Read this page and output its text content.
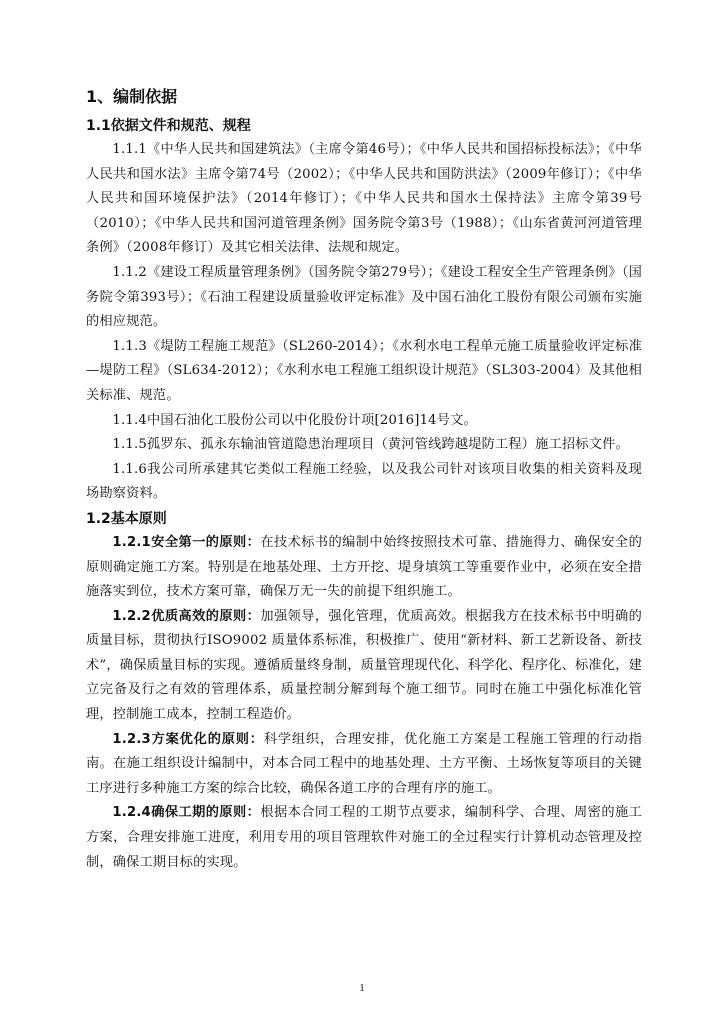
1、编制依据
1.1依据文件和规范、规程

1.1.1《中华人民共和国建筑法》（主席令第46号）；《中华人民共和国招标投标法》；《中华人民共和国水法》主席令第74号（2002）；《中华人民共和国防洪法》（2009年修订）；《中华人民共和国环境保护法》（2014年修订）；《中华人民共和国水土保持法》主席令第39号（2010）；《中华人民共和国河道管理条例》国务院令第3号（1988）；《山东省黄河河道管理条例》（2008年修订）及其它相关法律、法规和规定。

1.1.2《建设工程质量管理条例》（国务院令第279号）；《建设工程安全生产管理条例》（国务院令第393号）；《石油工程建设质量验收评定标准》及中国石油化工股份有限公司颁布实施的相应规范。

1.1.3《堤防工程施工规范》（SL260-2014）；《水利水电工程单元施工质量验收评定标准—堤防工程》（SL634-2012）；《水利水电工程施工组织设计规范》（SL303-2004）及其他相关标准、规范。

1.1.4中国石油化工股份公司以中化股份计项[2016]14号文。

1.1.5孤罗东、孤永东输油管道隐患治理项目（黄河管线跨越堤防工程）施工招标文件。

1.1.6我公司所承建其它类似工程施工经验，以及我公司针对该项目收集的相关资料及现场勘察资料。

1.2基本原则

1.2.1安全第一的原则：在技术标书的编制中始终按照技术可靠、措施得力、确保安全的原则确定施工方案。特别是在地基处理、土方开挖、堤身填筑工等重要作业中，必须在安全措施落实到位，技术方案可靠，确保万无一失的前提下组织施工。

1.2.2优质高效的原则：加强领导，强化管理，优质高效。根据我方在技术标书中明确的质量目标，贯彻执行ISO9002 质量体系标准，积极推广、使用“新材料、新工艺新设备、新技术”，确保质量目标的实现。遵循质量终身制，质量管理现代化、科学化、程序化、标准化，建立完备及行之有效的管理体系，质量控制分解到每个施工细节。同时在施工中强化标准化管理，控制施工成本，控制工程造价。

1.2.3方案优化的原则：科学组织，合理安排，优化施工方案是工程施工管理的行动指南。在施工组织设计编制中，对本合同工程中的地基处理、土方平衡、土场恢复等项目的关键工序进行多种施工方案的综合比较，确保各道工序的合理有序的施工。

1.2.4确保工期的原则：根据本合同工程的工期节点要求，编制科学、合理、周密的施工方案，合理安排施工进度，利用专用的项目管理软件对施工的全过程实行计算机动态管理及控制，确保工期目标的实现。

1
